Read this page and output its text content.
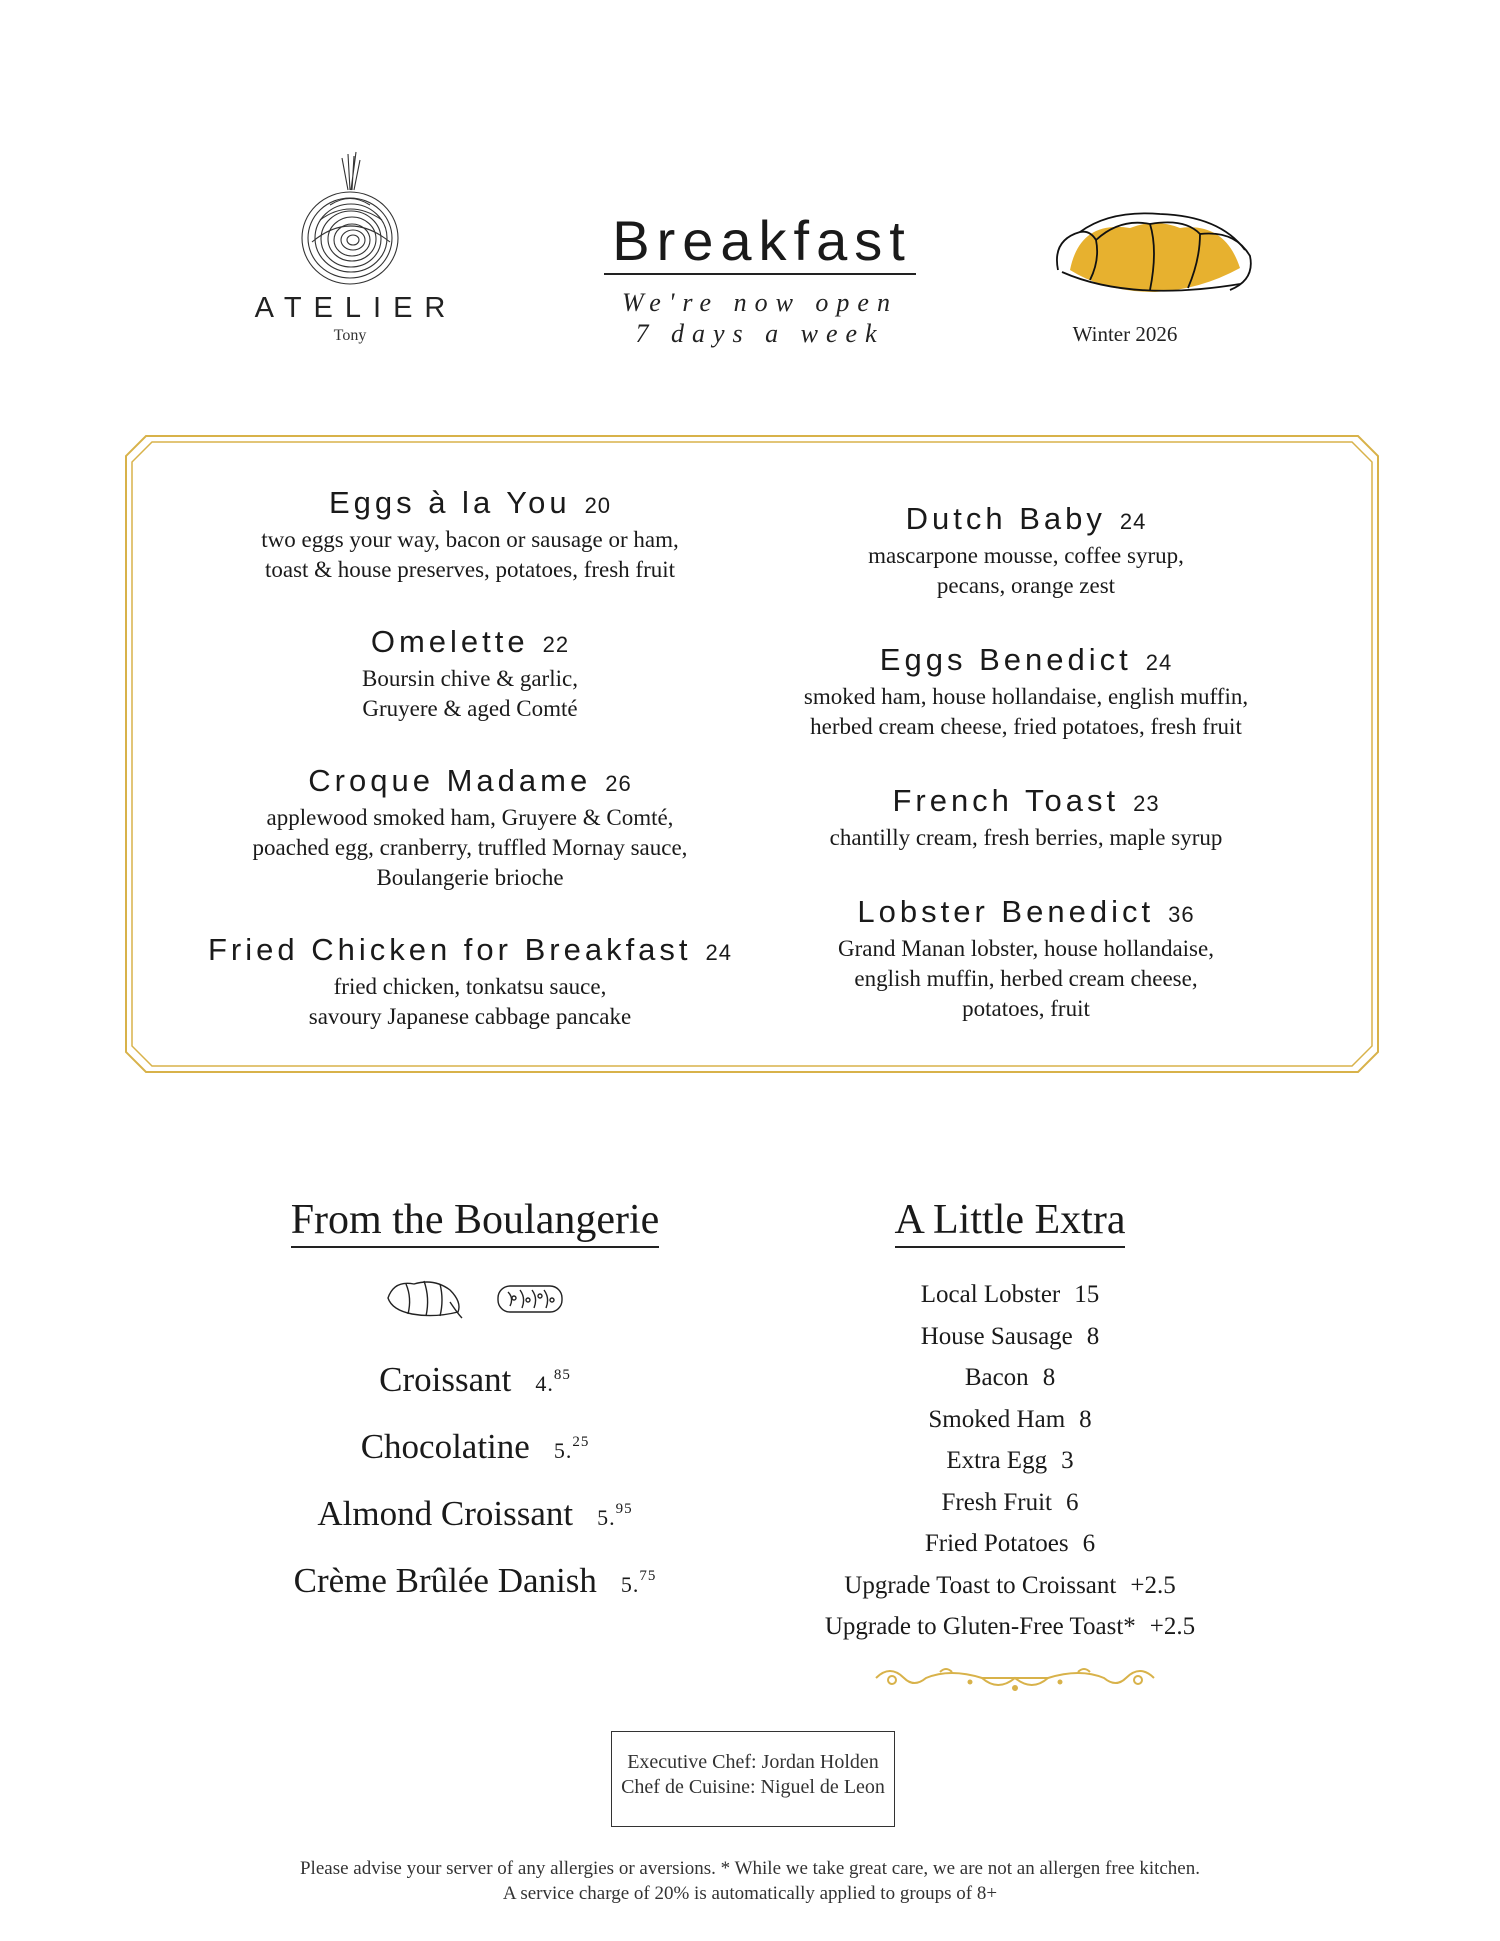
ATELIER
Tony
Breakfast
We're now open
7 days a week	Winter 2026
Eggs à la You 20
two eggs your way, bacon or sausage or ham,
toast & house preserves, potatoes, fresh fruit
Omelette 22
Boursin chive & garlic,
Gruyere & aged Comté
Croque Madame 26
applewood smoked ham, Gruyere & Comté,
poached egg, cranberry, truffled Mornay sauce,
Boulangerie brioche
Fried Chicken for Breakfast 24
fried chicken, tonkatsu sauce,
savoury Japanese cabbage pancake
Dutch Baby 24
mascarpone mousse, coffee syrup,
pecans, orange zest
Eggs Benedict 24
smoked ham, house hollandaise, english muffin,
herbed cream cheese, fried potatoes, fresh fruit
French Toast 23
chantilly cream, fresh berries, maple syrup
Lobster Benedict 36
Grand Manan lobster, house hollandaise,
english muffin, herbed cream cheese,
potatoes, fruit
From the Boulangerie
Croissant 4.85
Chocolatine 5.25
Almond Croissant 5.95
Crème Brûlée Danish 5.75
A Little Extra
Local Lobster 15
House Sausage 8
Bacon 8
Smoked Ham 8
Extra Egg 3
Fresh Fruit 6
Fried Potatoes 6
Upgrade Toast to Croissant +2.5
Upgrade to Gluten-Free Toast* +2.5
Executive Chef: Jordan Holden
Chef de Cuisine: Niguel de Leon
Please advise your server of any allergies or aversions. * While we take great care, we are not an allergen free kitchen.
A service charge of 20% is automatically applied to groups of 8+
